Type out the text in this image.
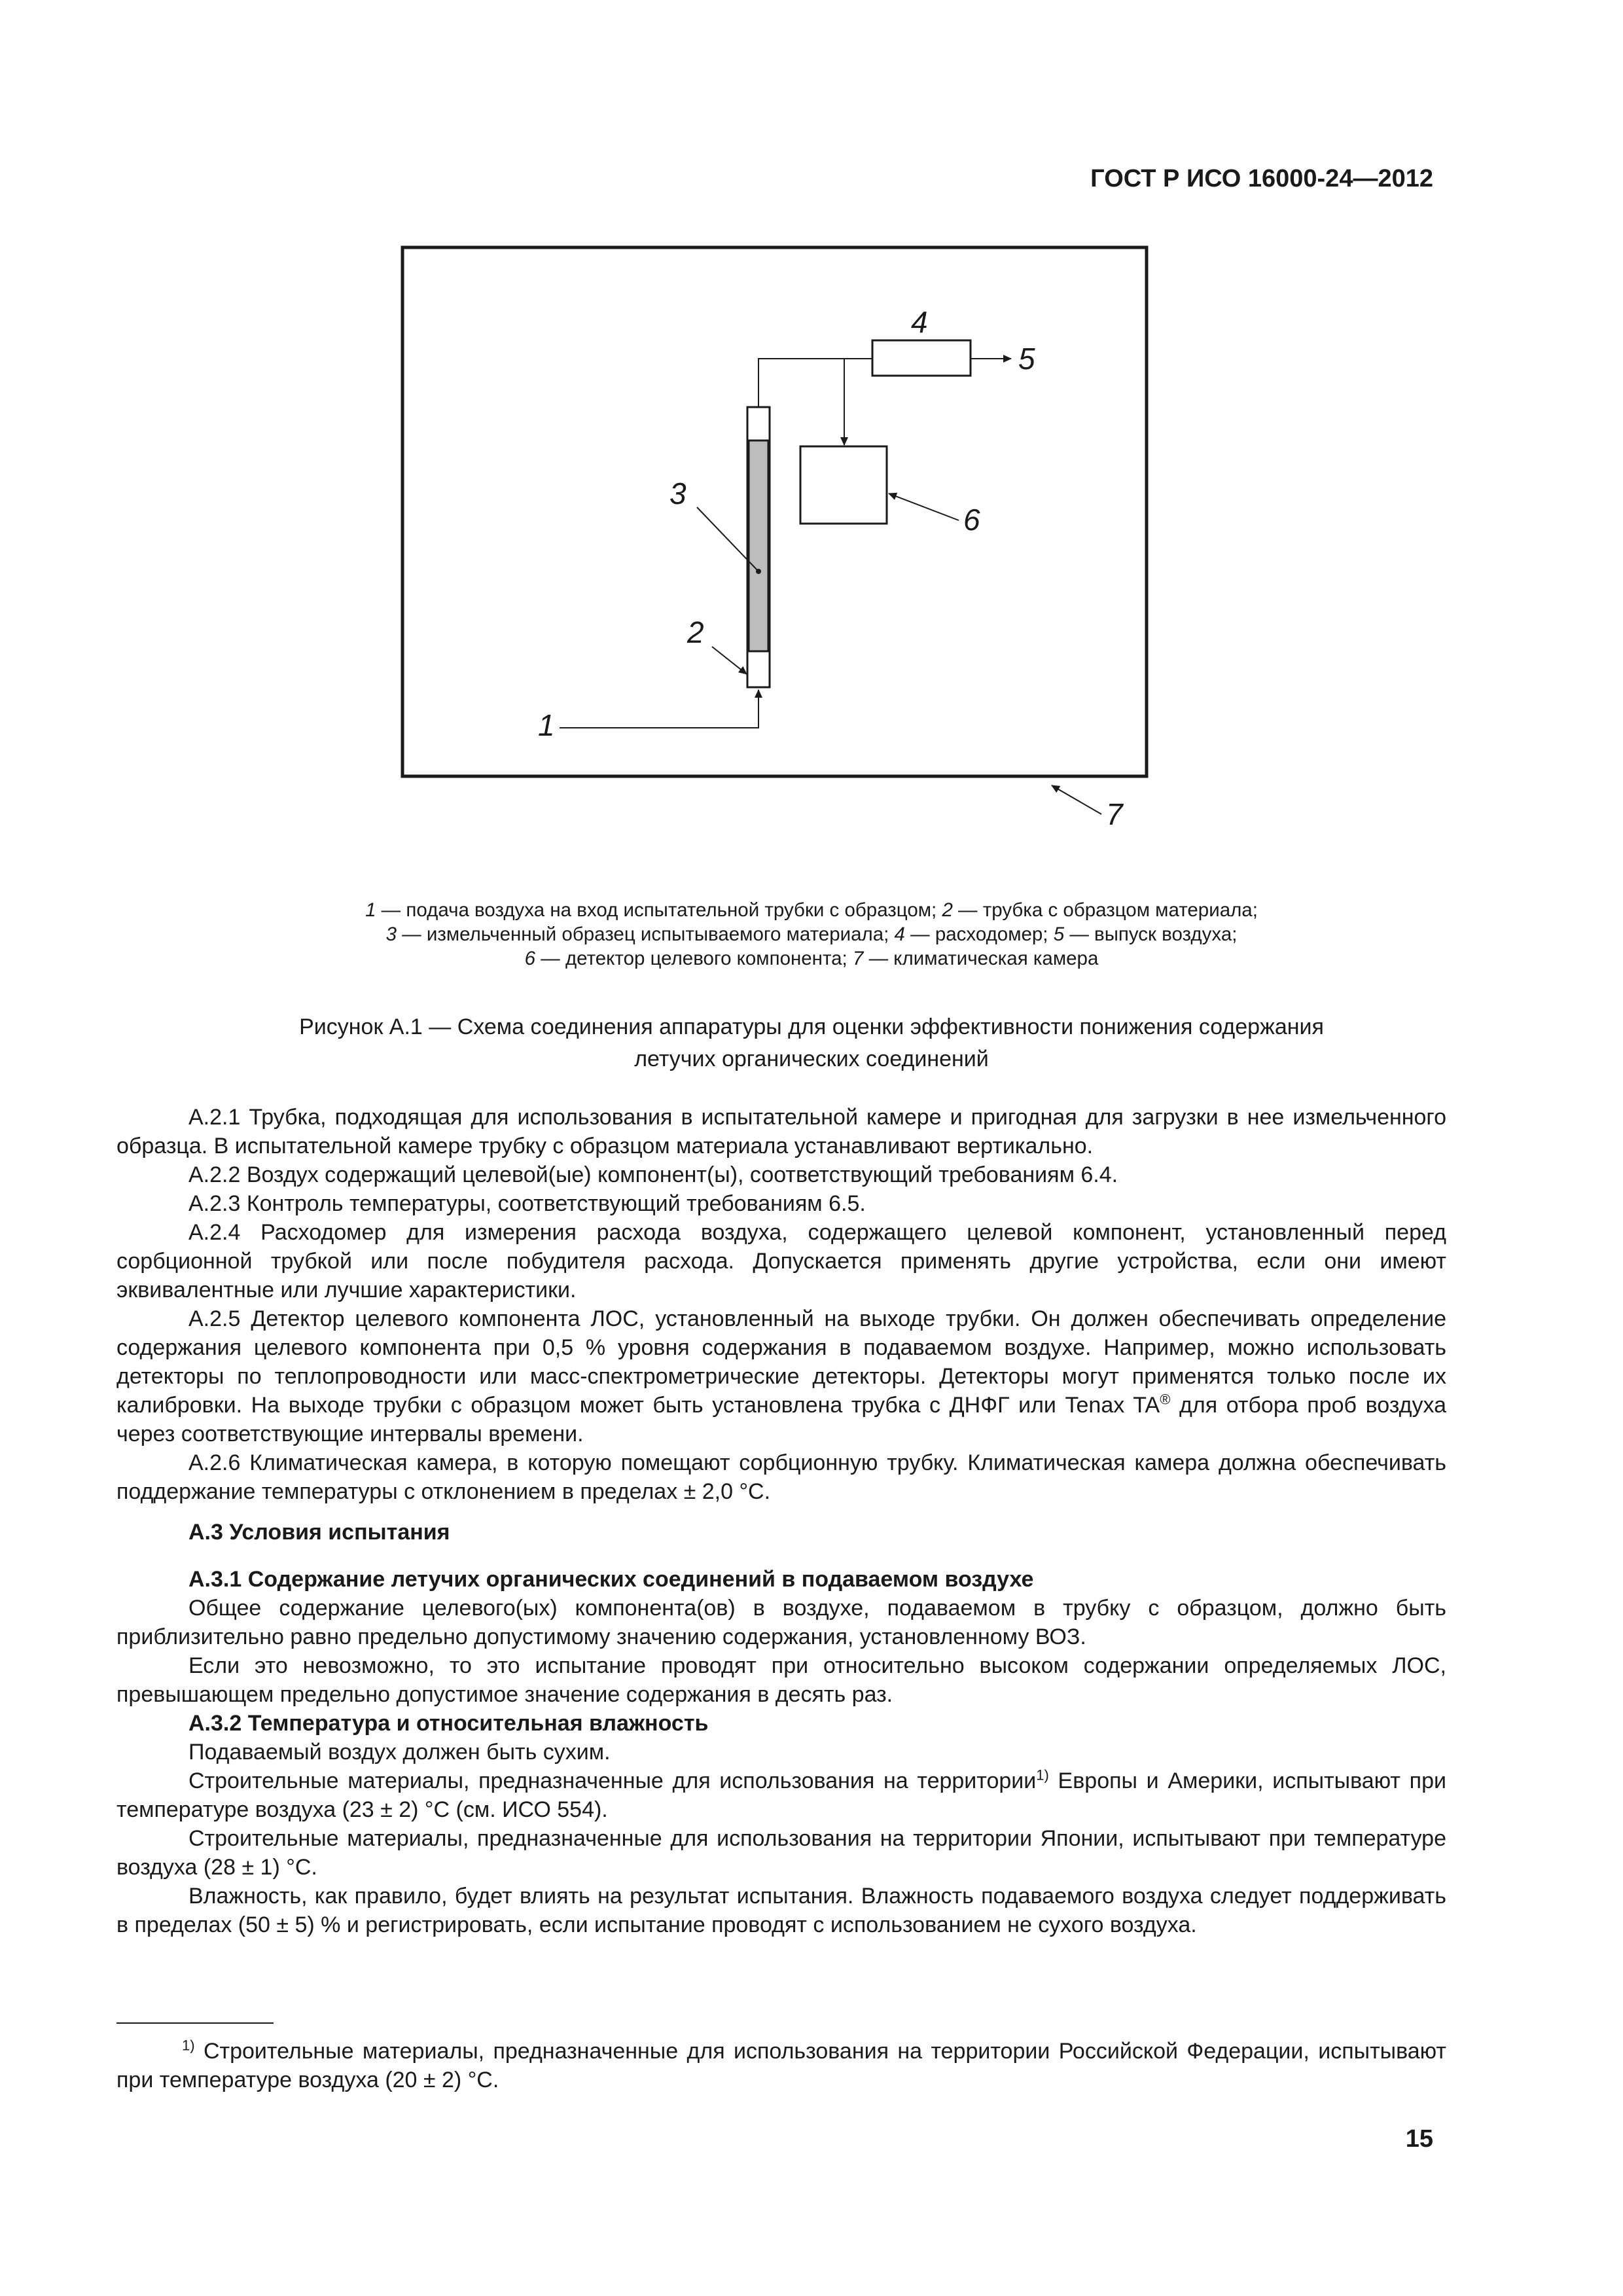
ГОСТ Р ИСО 16000-24—2012
1
2
3
4
5
6
7
1 — подача воздуха на вход испытательной трубки с образцом; 2 — трубка с образцом материала;
3 — измельченный образец испытываемого материала; 4 — расходомер; 5 — выпуск воздуха;
6 — детектор целевого компонента; 7 — климатическая камера
Рисунок А.1 — Схема соединения аппаратуры для оценки эффективности понижения содержания
летучих органических соединений

А.2.1 Трубка, подходящая для использования в испытательной камере и пригодная для загрузки в нее измельченного образца. В испытательной камере трубку с образцом материала устанавливают вертикально.

А.2.2 Воздух содержащий целевой(ые) компонент(ы), соответствующий требованиям 6.4.

А.2.3 Контроль температуры, соответствующий требованиям 6.5.

А.2.4 Расходомер для измерения расхода воздуха, содержащего целевой компонент, установленный перед сорбционной трубкой или после побудителя расхода. Допускается применять другие устройства, если они имеют эквивалентные или лучшие характеристики.

А.2.5 Детектор целевого компонента ЛОС, установленный на выходе трубки. Он должен обеспечивать определение содержания целевого компонента при 0,5 % уровня содержания в подаваемом воздухе. Например, можно использовать детекторы по теплопроводности или масс-спектрометрические детекторы. Детекторы могут применятся только после их калибровки. На выходе трубки с образцом может быть установлена трубка с ДНФГ или Tenax TA® для отбора проб воздуха через соответствующие интервалы времени.

А.2.6 Климатическая камера, в которую помещают сорбционную трубку. Климатическая камера должна обеспечивать поддержание температуры с отклонением в пределах ± 2,0 °С.

А.3 Условия испытания

А.3.1 Содержание летучих органических соединений в подаваемом воздухе

Общее содержание целевого(ых) компонента(ов) в воздухе, подаваемом в трубку с образцом, должно быть приблизительно равно предельно допустимому значению содержания, установленному ВОЗ.

Если это невозможно, то это испытание проводят при относительно высоком содержании определяемых ЛОС, превышающем предельно допустимое значение содержания в десять раз.

А.3.2 Температура и относительная влажность

Подаваемый воздух должен быть сухим.

Строительные материалы, предназначенные для использования на территории$^{1)}$ Европы и Америки, испытывают при температуре воздуха (23 ± 2) °С (см. ИСО 554).

Строительные материалы, предназначенные для использования на территории Японии, испытывают при температуре воздуха (28 ± 1) °С.

Влажность, как правило, будет влиять на результат испытания. Влажность подаваемого воздуха следует поддерживать в пределах (50 ± 5) % и регистрировать, если испытание проводят с использованием не сухого воздуха.

$^{1)}$ Строительные материалы, предназначенные для использования на территории Российской Федерации, испытывают при температуре воздуха (20 ± 2) °С.

15
